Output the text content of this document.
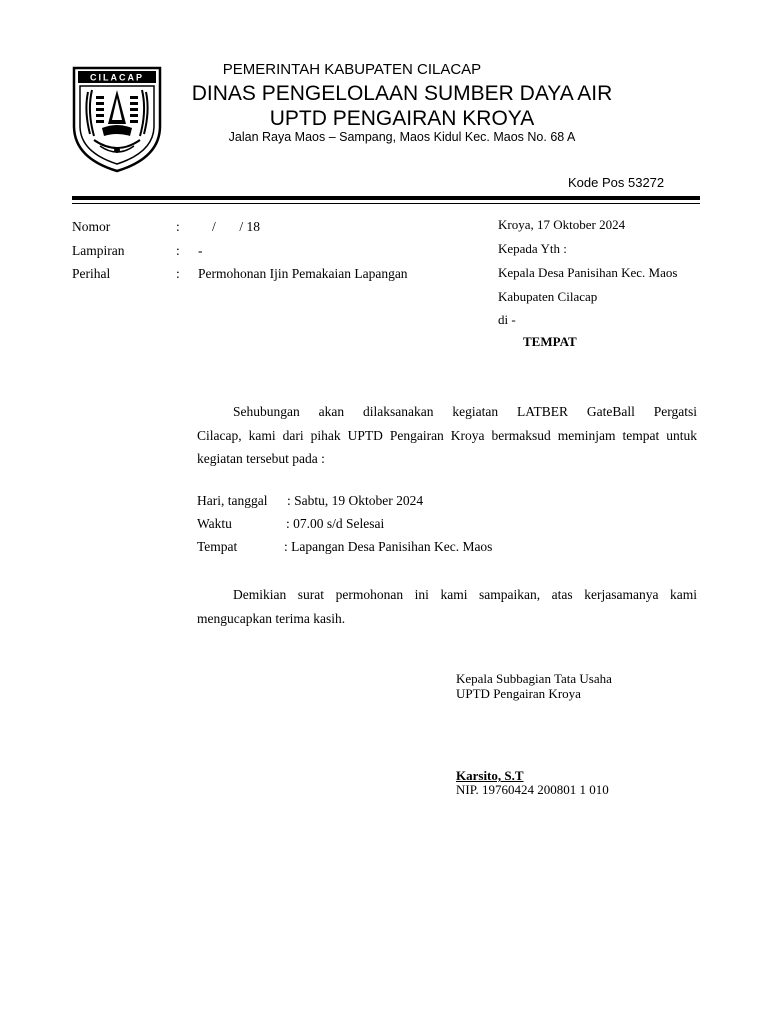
CILACAP	PEMERINTAH KABUPATEN CILACAP
DINAS PENGELOLAAN SUMBER DAYA AIR
UPTD PENGAIRAN KROYA
Jalan Raya Maos – Sampang, Maos Kidul Kec. Maos No. 68 A
Kode Pos 53272
Nomor	: /       / 18
Lampiran	: -
Perihal	: Permohonan Ijin Pemakaian Lapangan
Kroya, 17 Oktober 2024
Kepada Yth :
Kepala Desa Panisihan Kec. Maos
Kabupaten Cilacap
di -
TEMPAT
Sehubungan akan dilaksanakan kegiatan LATBER GateBall Pergatsi
Cilacap, kami dari pihak UPTD Pengairan Kroya bermaksud meminjam tempat untuk kegiatan tersebut pada :
Hari, tanggal : Sabtu, 19 Oktober 2024
Waktu	: 07.00 s/d Selesai
Tempat	: Lapangan Desa Panisihan Kec. Maos
Demikian surat permohonan ini kami sampaikan, atas kerjasamanya kami
mengucapkan terima kasih.
Kepala Subbagian Tata Usaha
UPTD Pengairan Kroya
Karsito, S.T
NIP. 19760424 200801 1 010
